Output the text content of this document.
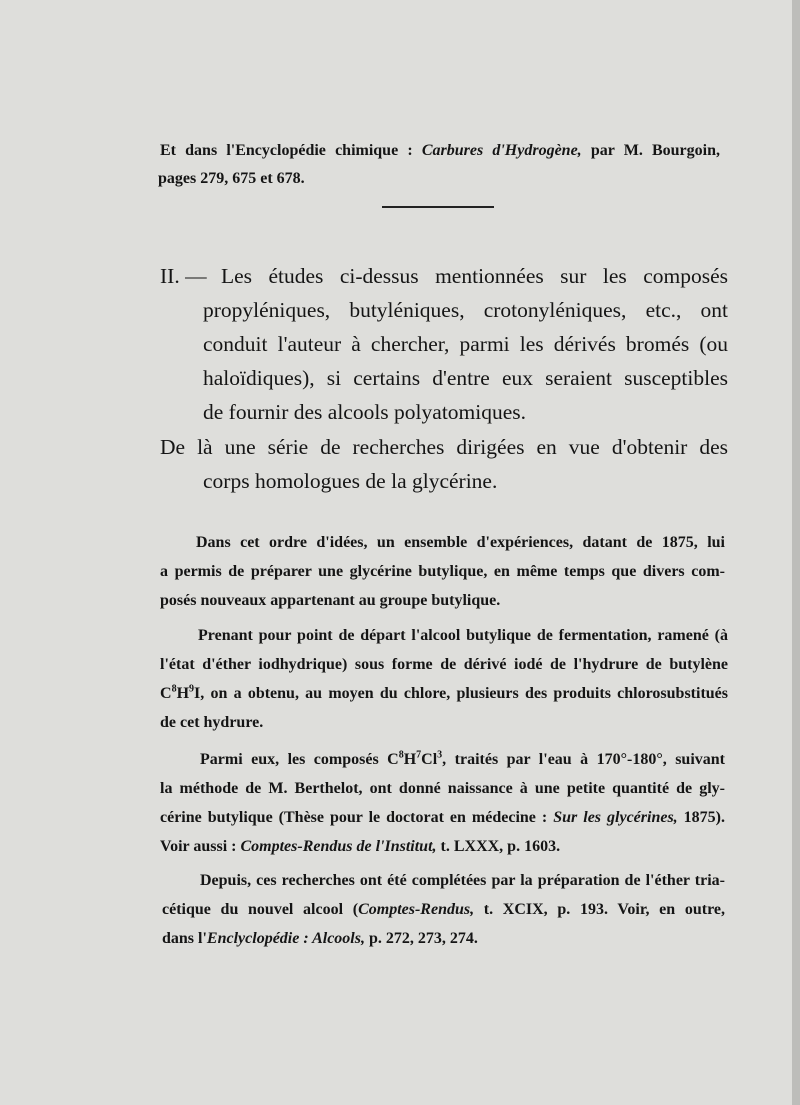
Et dans l'Encyclopédie chimique : Carbures d'Hydrogène, par M. Bourgoin,
pages 279, 675 et 678.
II. — Les études ci-dessus mentionnées sur les composés
propyléniques, butyléniques, crotonyléniques, etc., ont
conduit l'auteur à chercher, parmi les dérivés bromés (ou
haloïdiques), si certains d'entre eux seraient susceptibles
de fournir des alcools polyatomiques.
De là une série de recherches dirigées en vue d'obtenir des
corps homologues de la glycérine.
Dans cet ordre d'idées, un ensemble d'expériences, datant de 1875, lui
a permis de préparer une glycérine butylique, en même temps que divers com-
posés nouveaux appartenant au groupe butylique.
Prenant pour point de départ l'alcool butylique de fermentation, ramené (à
l'état d'éther iodhydrique) sous forme de dérivé iodé de l'hydrure de butylène
$C^8H^9I$, on a obtenu, au moyen du chlore, plusieurs des produits chlorosubstitués
de cet hydrure.
Parmi eux, les composés $C^8H^7Cl^3$, traités par l'eau à 170°-180°, suivant
la méthode de M. Berthelot, ont donné naissance à une petite quantité de gly-
cérine butylique (Thèse pour le doctorat en médecine : Sur les glycérines, 1875).
Voir aussi : Comptes-Rendus de l'Institut, t. LXXX, p. 1603.
Depuis, ces recherches ont été complétées par la préparation de l'éther tria-
cétique du nouvel alcool (Comptes-Rendus, t. XCIX, p. 193. Voir, en outre,
dans l'Enclyclopédie : Alcools, p. 272, 273, 274.
